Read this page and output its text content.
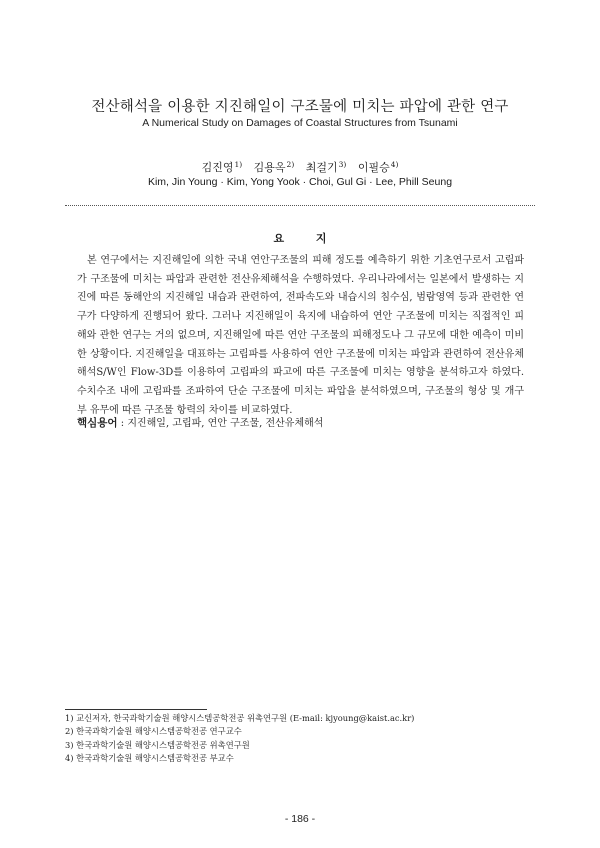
전산해석을 이용한 지진해일이 구조물에 미치는 파압에 관한 연구
A Numerical Study on Damages of Coastal Structures from Tsunami
김진영$^{1)}$ 김용옥$^{2)}$ 최걸기$^{3)}$ 이필승$^{4)}$
Kim, Jin Young · Kim, Yong Yook · Choi, Gul Gi · Lee, Phill Seung
요 지

본 연구에서는 지진해일에 의한 국내 연안구조물의 피해 정도를 예측하기 위한 기초연구로서 고립파가 구조물에 미치는 파압과 관련한 전산유체해석을 수행하였다. 우리나라에서는 일본에서 발생하는 지진에 따른 동해안의 지진해일 내습과 관련하여, 전파속도와 내습시의 침수심, 범람영역 등과 관련한 연구가 다양하게 진행되어 왔다. 그러나 지진해일이 육지에 내습하여 연안 구조물에 미치는 직접적인 피해와 관한 연구는 거의 없으며, 지진해일에 따른 연안 구조물의 피해정도나 그 규모에 대한 예측이 미비한 상황이다. 지진해일을 대표하는 고립파를 사용하여 연안 구조물에 미치는 파압과 관련하여 전산유체해석S/W인 Flow-3D를 이용하여 고립파의 파고에 따른 구조물에 미치는 영향을 분석하고자 하였다. 수치수조 내에 고립파를 조파하여 단순 구조물에 미치는 파압을 분석하였으며, 구조물의 형상 및 개구부 유무에 따른 구조물 항력의 차이를 비교하였다.

핵심용어 : 지진해일, 고립파, 연안 구조물, 전산유체해석
1) 교신저자, 한국과학기술원 해양시스템공학전공 위촉연구원 (E-mail: kjyoung@kaist.ac.kr)
2) 한국과학기술원 해양시스템공학전공 연구교수
3) 한국과학기술원 해양시스템공학전공 위촉연구원
4) 한국과학기술원 해양시스템공학전공 부교수
- 186 -
